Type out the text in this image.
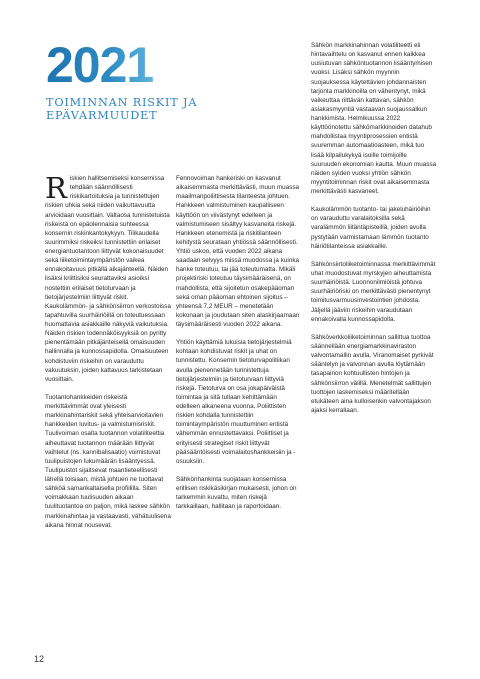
2021
TOIMINNAN RISKIT JA EPÄVARMUUDET

Riskien hallitsemiseksi konsernissa tehdään säännöllisesti riskikartoituksia ja tunnistettujen riskien uhkia sekä niiden vaikuttavuutta arvioidaan vuosittain. Valtaosa tunnistetuista riskeistä on epäolennaisia suhteessa konsernin riskinkantokykyyn. Tilikaudella suurimmiksi riskeiksi tunnistettiin erilaiset energiantuotantoon liittyvät kokonaisuudet sekä liiketoimintaympäristön vaikea ennakoitavuus pitkällä aikajänteellä. Näiden lisäksi kriittisiksi seurattaviksi asioiksi nostettiin erilaiset tietoturvaan ja tietojärjestelmiin liittyvät riskit. Kaukolämmön- ja sähkönsiirron verkostoissa tapahtuvilla suurhäiriöillä on toteutuessaan huomattavia asiakkaille näkyviä vaikutuksia. Näiden riskien todennäköisyyksiä on pyritty pienentämään pitkäjänteisellä omaisuuden hallinnalla ja kunnossapidolla. Omaisuuteen kohdistuviin riskeihin on varauduttu vakuutuksin, joiden kattavuus tarkistetaan vuosittain.

Tuotantohankkeiden riskeistä merkittävimmät ovat yleisesti markkinahintariskit sekä yhteisarvioitavien hankkeiden luvitus- ja valmistumisriskit. Tuulivoiman osalta tuotannon volatiliteettia aiheuttavat tuotannon määrään liittyvät vaihtelut (ns. kannibalisaatio) voimistuvat tuulipuistojen lukumäärän lisääntyessä. Tuulipuistot sijaitsevat maantieteellisesti lähellä toisiaan, mistä johtuen ne tuottavat sähköä samankaltaisella profiililla. Siten voimakkaan tuulisuuden aikaan tuulituotantoa on paljon, mikä laskee sähkön markkinahintaa ja vastaavasti, vähätuulisena aikana hinnat nousevat.

Fennovoiman hankeriski on kasvanut aikaisemmasta merkittävästi, muun muassa maailmanpoliittisesta tilanteesta johtuen. Hankkeen valmistuminen kaupalliseen käyttöön on viivästynyt edelleen ja valmistumiseen sisältyy kasvaneita riskejä. Hankkeen etenemistä ja riskitilanteen kehitystä seurataan yhtiössä säännöllisesti. Yhtiö uskoo, että vuoden 2022 aikana saadaan selvyys missä muodossa ja kuinka hanke toteutuu, tai jää toteutumatta. Mikäli projektiriski toteutuu täysimääräisenä, on mahdollista, että sijoitetun osakepääoman sekä oman pääoman ehtoinen sijoitus – yhteensä 7,2 MEUR – menetetään kokonaan ja joudutaan siten alaskirjaamaan täysimääräisesti vuoden 2022 aikana.

Yhtiön käyttämiä lukuisia tietojärjestelmiä kohtaan kohdistuvat riskit ja uhat on tunnistettu. Konsernin tietoturvapolitiikan avulla pienennetään tunnistettuja tietojärjestelmiin ja tietoturvaan liittyviä riskejä. Tietoturva on osa jokapäiväistä toimintaa ja sitä tullaan kehittämään edelleen alkaneena vuonna. Poliittisten riskien kohdalla tunnistettiin toimintaympäristön muuttuminen entistä vähemmän ennustettavaksi. Poliittiset ja erityisesti strategiset riskit liittyvät pääsääntöisesti voimalaitoshankkeisiin ja -osuuksiin.

Sähkönhankinta suojataan konsernissa erillisen riskikäsikirjan mukaisesti, johon on tarkemmin kuvattu, miten riskejä tarkkaillaan, hallitaan ja raportoidaan.

Sähkön markkinahinnan volatiliteetti eli hintavaihtelu on kasvanut ennen kaikkea uusiutuvan sähköntuotannon lisääntymisen vuoksi. Lisäksi sähkön myynnin suojauksessa käytettävien johdannaisten tarjonta markkinoilla on vähentynyt, mikä vaikeuttaa riittävän kattavan, sähkön asiakasmyyntiä vastaavan suojaussalkun hankkimista. Helmikuussa 2022 käyttöönotettu sähkömarkkinoiden datahub mahdollistaa myyntiprosessien entistä suuremman automaatioasteen, mikä tuo lisää kilpailukykyä isoille toimijoille suuruuden ekonomian kautta. Muun muassa näiden syiden vuoksi yhtiön sähkön myyntitoiminnan riskit ovat aikaisemmasta merkittävästi kasvaneet.

Kaukolämmön tuotanto- tai jakeluhäiriöihin on varauduttu varalaitoksilla sekä varalämmön liitäntäpisteillä, joiden avulla pystytään varmistamaan lämmön tuotanto häiriötilanteissa asiakkaille.

Sähkönsiirtoliiketoiminnassa merkittävimmät uhat muodostuvat myrskyjen aiheuttamista suurhäiriöistä. Luonnonilmiöistä johtuva suurhäiriöriski on merkittävästi pienentynyt toimitusvarmuusinvestointien johdosta. Jäljellä jääviin riskeihin varaudutaan ennakoivalla kunnossapidolla.

Sähköverkkoliiketoiminnan sallittua tuottoa säännellään energiamarkkinaviraston valvontamallin avulla. Viranomaiset pyrkivät sääntelyn ja valvonnan avulla löytämään tasapainon kohtuullisten hintojen ja sähkönsiirron välillä. Menetelmät sallittujen tuottojen laskemiseksi määritellään etukäteen aina kulloisenkin valvontajakson ajaksi kerrallaan.

12
